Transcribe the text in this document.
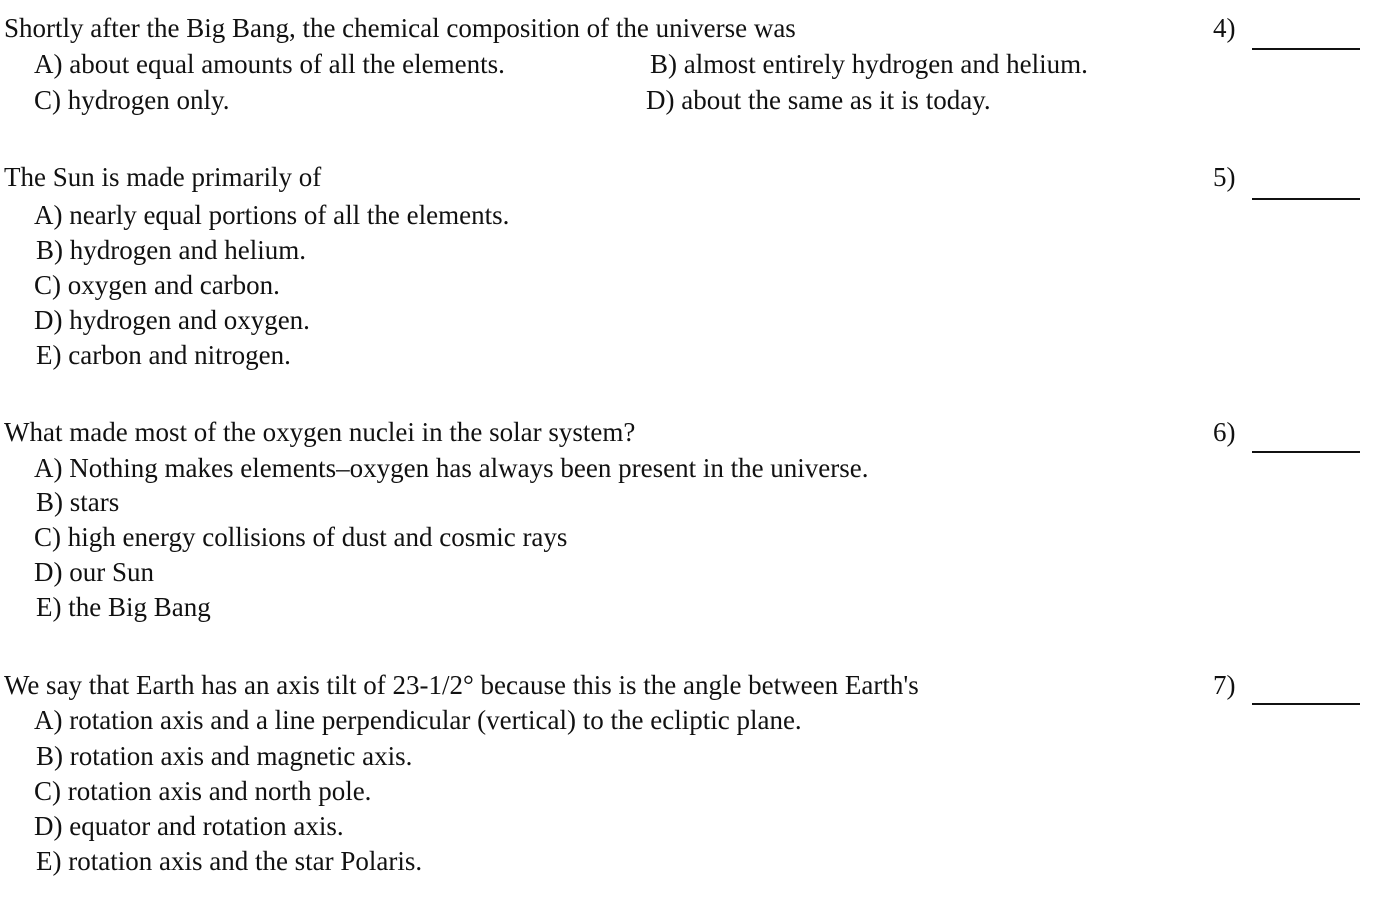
Shortly after the Big Bang, the chemical composition of the universe was	4)
A) about equal amounts of all the elements.	B) almost entirely hydrogen and helium.
C) hydrogen only.	D) about the same as it is today.
The Sun is made primarily of	5)
A) nearly equal portions of all the elements.
B) hydrogen and helium.
C) oxygen and carbon.
D) hydrogen and oxygen.
E) carbon and nitrogen.
What made most of the oxygen nuclei in the solar system?	6)
A) Nothing makes elements–oxygen has always been present in the universe.
B) stars
C) high energy collisions of dust and cosmic rays
D) our Sun
E) the Big Bang
We say that Earth has an axis tilt of 23-1/2° because this is the angle between Earth's	7)
A) rotation axis and a line perpendicular (vertical) to the ecliptic plane.
B) rotation axis and magnetic axis.
C) rotation axis and north pole.
D) equator and rotation axis.
E) rotation axis and the star Polaris.
